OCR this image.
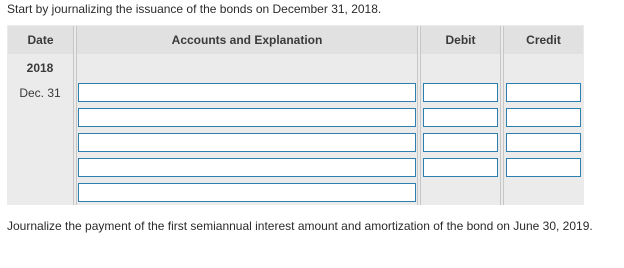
Start by journalizing the issuance of the bonds on December 31, 2018.
Date	Accounts and Explanation	Debit	Credit
2018
Dec. 31
Journalize the payment of the first semiannual interest amount and amortization of the bond on June 30, 2019.
